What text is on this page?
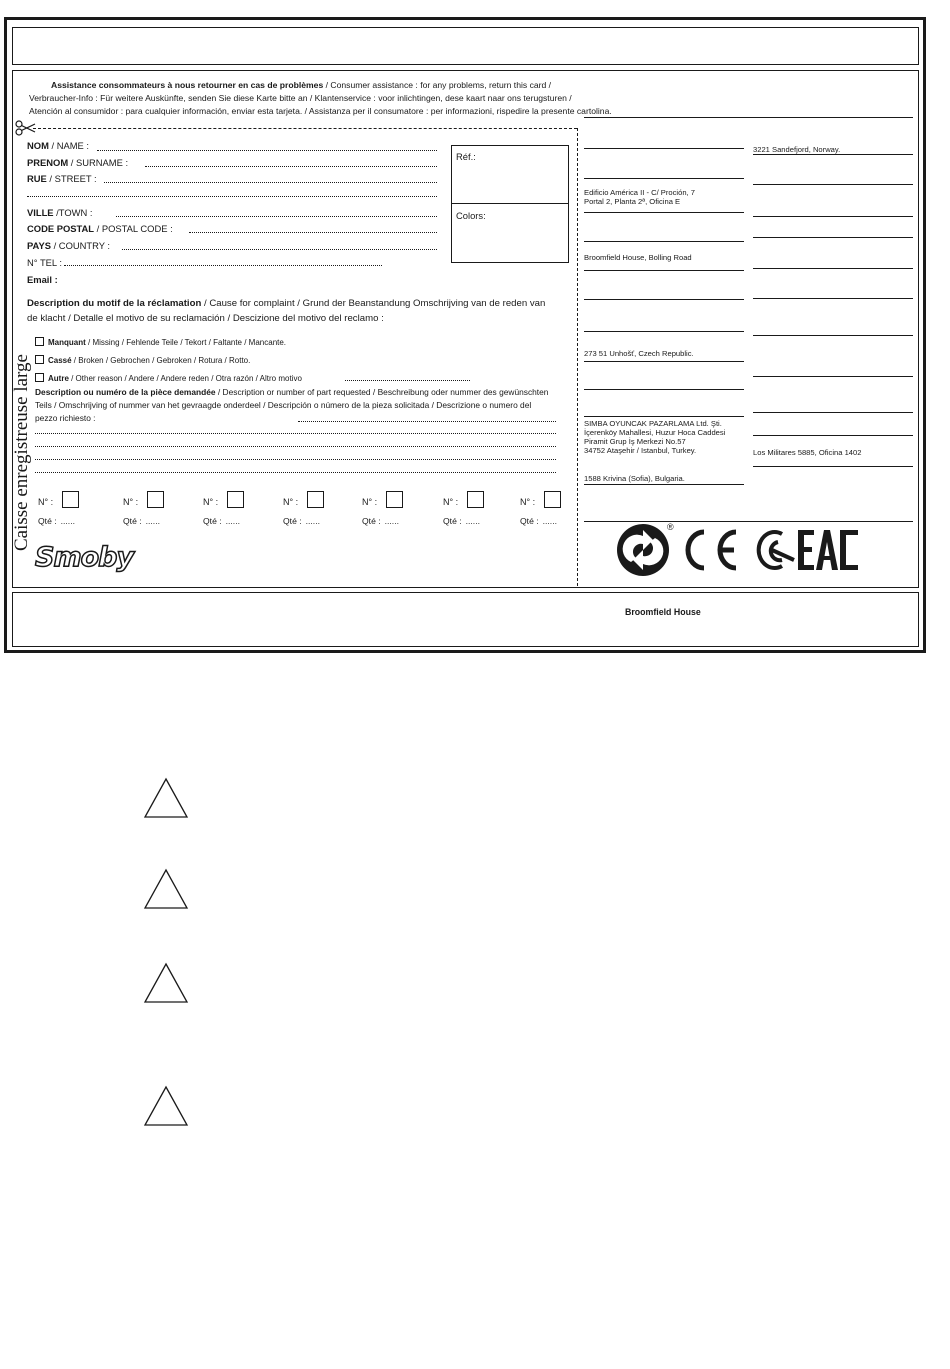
Assistance consommateurs à nous retourner en cas de problèmes / Consumer assistance : for any problems, return this card /
Verbraucher-Info : Für weitere Auskünfte, senden Sie diese Karte bitte an / Klantenservice : voor inlichtingen, dese kaart naar ons terugsturen /
Atención al consumidor : para cualquier información, enviar esta tarjeta. / Assistanza per il consumatore : per informazioni, rispedire la presente cartolina.
NOM / NAME :
PRENOM / SURNAME :
RUE / STREET :
VILLE /TOWN :
CODE POSTAL / POSTAL CODE :
PAYS / COUNTRY :
N° TEL :
Email :
Réf.:
Colors:
Description du motif de la réclamation / Cause for complaint / Grund der Beanstandung Omschrijving van de reden van de klacht / Detalle el motivo de su reclamación / Descizione del motivo del reclamo :
Manquant / Missing / Fehlende Teile / Tekort / Faltante / Mancante.
Cassé / Broken / Gebrochen / Gebroken / Rotura / Rotto.
Autre / Other reason / Andere / Andere reden / Otra razón / Altro motivo
Description ou numéro de la pièce demandée / Description or number of part requested / Beschreibung oder nummer des gewünschten Teils / Omschrijving of nummer van het gevraagde onderdeel / Descripción o número de la pieza solicitada / Descrizione o numero del pezzo richiesto :
N° :
Qté : ......
N° :
Qté : ......
N° :
Qté : ......
N° :
Qté : ......
N° :
Qté : ......
N° :
Qté : ......
N° :
Qté : ......
Caisse enregistreuse large
Smoby
3221 Sandefjord, Norway.
Edificio América II - C/ Proción, 7
Portal 2, Planta 2ª, Oficina E
Broomfield House, Bolling Road
273 51 Unhošť, Czech Republic.
SIMBA OYUNCAK PAZARLAMA Ltd. Şti.
İçerenköy Mahallesi, Huzur Hoca Caddesi
Piramit Grup İş Merkezi No.57
34752 Ataşehir / Istanbul, Turkey.	Los Militares 5885, Oficina 1402
1588 Krivina (Sofia), Bulgaria.
®
Broomfield House
